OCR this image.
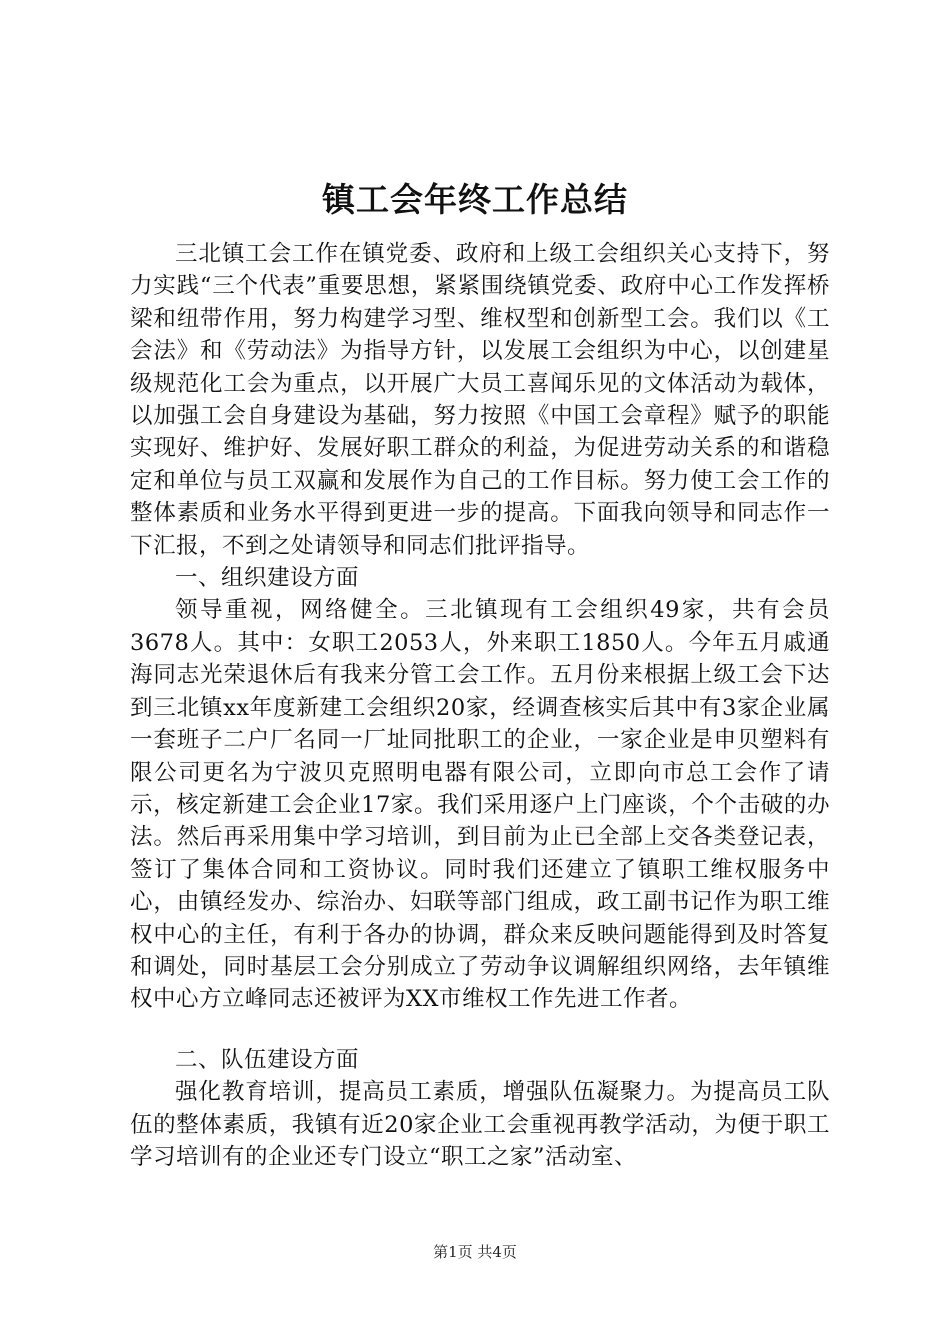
镇工会年终工作总结

三北镇工会工作在镇党委、政府和上级工会组织关心支持下，努力实践“三个代表”重要思想，紧紧围绕镇党委、政府中心工作发挥桥梁和纽带作用，努力构建学习型、维权型和创新型工会。我们以《工会法》和《劳动法》为指导方针，以发展工会组织为中心，以创建星级规范化工会为重点，以开展广大员工喜闻乐见的文体活动为载体，以加强工会自身建设为基础，努力按照《中国工会章程》赋予的职能实现好、维护好、发展好职工群众的利益，为促进劳动关系的和谐稳定和单位与员工双赢和发展作为自己的工作目标。努力使工会工作的整体素质和业务水平得到更进一步的提高。下面我向领导和同志作一下汇报，不到之处请领导和同志们批评指导。

一、组织建设方面

领导重视，网络健全。三北镇现有工会组织49家，共有会员3678人。其中：女职工2053人，外来职工1850人。今年五月戚通海同志光荣退休后有我来分管工会工作。五月份来根据上级工会下达到三北镇xx年度新建工会组织20家，经调查核实后其中有3家企业属一套班子二户厂名同一厂址同批职工的企业，一家企业是申贝塑料有限公司更名为宁波贝克照明电器有限公司，立即向市总工会作了请示，核定新建工会企业17家。我们采用逐户上门座谈，个个击破的办法。然后再采用集中学习培训，到目前为止已全部上交各类登记表，签订了集体合同和工资协议。同时我们还建立了镇职工维权服务中心，由镇经发办、综治办、妇联等部门组成，政工副书记作为职工维权中心的主任，有利于各办的协调，群众来反映问题能得到及时答复和调处，同时基层工会分别成立了劳动争议调解组织网络，去年镇维权中心方立峰同志还被评为XX市维权工作先进工作者。

二、队伍建设方面

强化教育培训，提高员工素质，增强队伍凝聚力。为提高员工队伍的整体素质，我镇有近20家企业工会重视再教学活动，为便于职工学习培训有的企业还专门设立“职工之家”活动室、

第1页 共4页
